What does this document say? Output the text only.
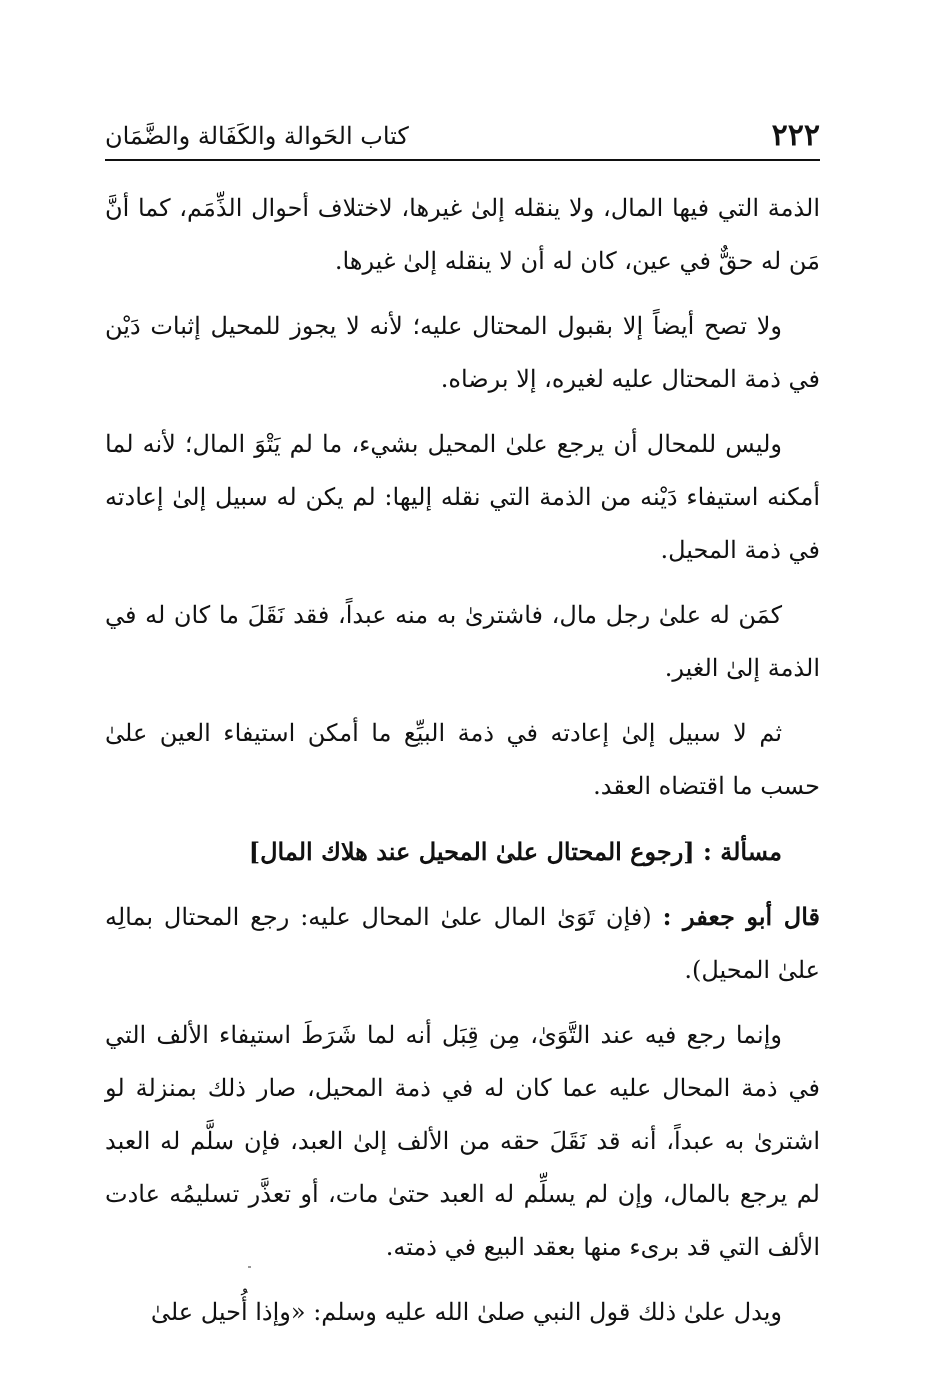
٢٢٢
كتاب الحَوالة والكَفَالة والضَّمَان

الذمة التي فيها المال، ولا ينقله إلىٰ غيرها، لاختلاف أحوال الذِّمَم، كما أنَّ مَن له حقٌّ في عين، كان له أن لا ينقله إلىٰ غيرها.

ولا تصح أيضاً إلا بقبول المحتال عليه؛ لأنه لا يجوز للمحيل إثبات دَيْن في ذمة المحتال عليه لغيره، إلا برضاه.

وليس للمحال أن يرجع علىٰ المحيل بشيء، ما لم يَتْوَ المال؛ لأنه لما أمكنه استيفاء دَيْنه من الذمة التي نقله إليها: لم يكن له سبيل إلىٰ إعادته في ذمة المحيل.

كمَن له علىٰ رجل مال، فاشترىٰ به منه عبداً، فقد نَقَلَ ما كان له في الذمة إلىٰ الغير.

ثم لا سبيل إلىٰ إعادته في ذمة البيِّع ما أمكن استيفاء العين علىٰ حسب ما اقتضاه العقد.

مسألة : [رجوع المحتال علىٰ المحيل عند هلاك المال]

قال أبو جعفر : (فإن تَوَىٰ المال علىٰ المحال عليه: رجع المحتال بمالِه علىٰ المحيل).

وإنما رجع فيه عند التَّوَىٰ، مِن قِبَل أنه لما شَرَطَ استيفاء الألف التي في ذمة المحال عليه عما كان له في ذمة المحيل، صار ذلك بمنزلة لو اشترىٰ به عبداً، أنه قد نَقَلَ حقه من الألف إلىٰ العبد، فإن سلَّم له العبد لم يرجع بالمال، وإن لم يسلِّم له العبد حتىٰ مات، أو تعذَّر تسليمُه عادت الألف التي قد برىء منها بعقد البيع في ذمته.

ويدل علىٰ ذلك قول النبي صلىٰ الله عليه وسلم: «وإذا أُحيل علىٰ
